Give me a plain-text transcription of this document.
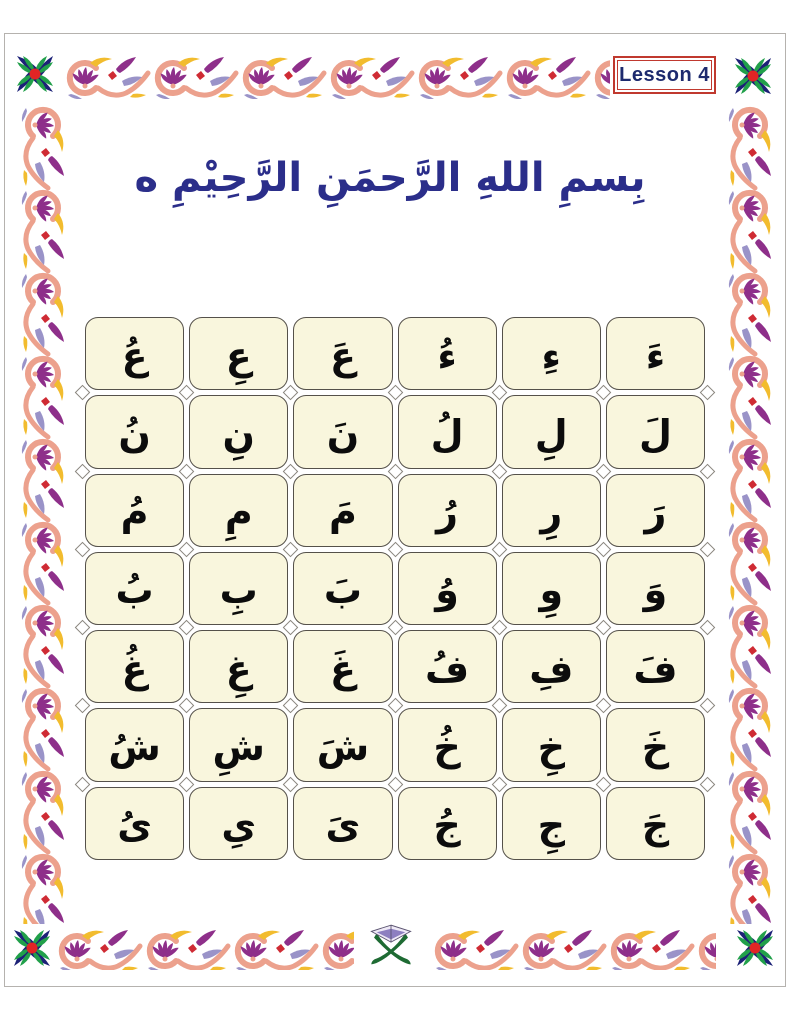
Lesson 4
بِسمِ اللهِ الرَّحمَنِ الرَّحِيْمِ ه
ءَ
ءِ
ءُ
عَ
عِ
عُ
لَ
لِ
لُ
نَ
نِ
نُ
رَ
رِ
رُ
مَ
مِ
مُ
وَ
وِ
وُ
بَ
بِ
بُ
فَ
فِ
فُ
غَ
غِ
غُ
خَ
خِ
خُ
شَ
شِ
شُ
جَ
جِ
جُ
ىَ
ىِ
ىُ
